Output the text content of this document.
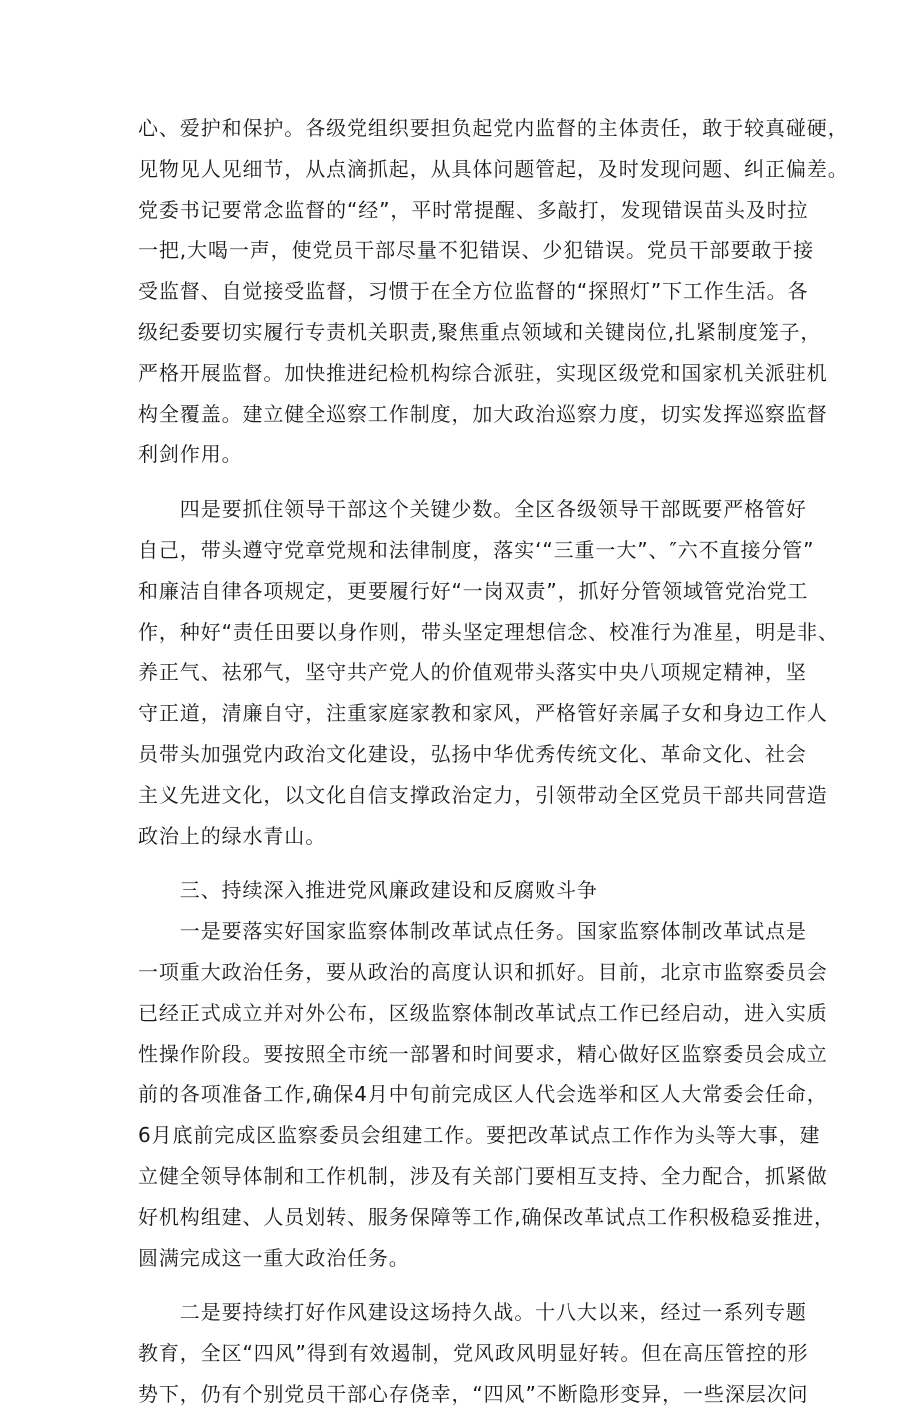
心、爱护和保护。各级党组织要担负起党内监督的主体责任，敢于较真碰硬，
见物见人见细节，从点滴抓起，从具体问题管起，及时发现问题、纠正偏差。
党委书记要常念监督的“经”，平时常提醒、多敲打，发现错误苗头及时拉
一把,大喝一声，使党员干部尽量不犯错误、少犯错误。党员干部要敢于接
受监督、自觉接受监督，习惯于在全方位监督的“探照灯”下工作生活。各
级纪委要切实履行专责机关职责,聚焦重点领域和关键岗位,扎紧制度笼子，
严格开展监督。加快推进纪检机构综合派驻，实现区级党和国家机关派驻机
构全覆盖。建立健全巡察工作制度，加大政治巡察力度，切实发挥巡察监督
利剑作用。
　　四是要抓住领导干部这个关键少数。全区各级领导干部既要严格管好
自己，带头遵守党章党规和法律制度，落实‘“三重一大”、″六不直接分管”
和廉洁自律各项规定，更要履行好“一岗双责”，抓好分管领域管党治党工
作，种好“责任田要以身作则，带头坚定理想信念、校准行为准星，明是非、
养正气、祛邪气，坚守共产党人的价值观带头落实中央八项规定精神，坚
守正道，清廉自守，注重家庭家教和家风，严格管好亲属子女和身边工作人
员带头加强党内政治文化建设，弘扬中华优秀传统文化、革命文化、社会
主义先进文化，以文化自信支撑政治定力，引领带动全区党员干部共同营造
政治上的绿水青山。
　　三、持续深入推进党风廉政建设和反腐败斗争
　　一是要落实好国家监察体制改革试点任务。国家监察体制改革试点是
一项重大政治任务，要从政治的高度认识和抓好。目前，北京市监察委员会
已经正式成立并对外公布，区级监察体制改革试点工作已经启动，进入实质
性操作阶段。要按照全市统一部署和时间要求，精心做好区监察委员会成立
前的各项准备工作,确保4月中旬前完成区人代会选举和区人大常委会任命，
6月底前完成区监察委员会组建工作。要把改革试点工作作为头等大事，建
立健全领导体制和工作机制，涉及有关部门要相互支持、全力配合，抓紧做
好机构组建、人员划转、服务保障等工作,确保改革试点工作积极稳妥推进，
圆满完成这一重大政治任务。
　　二是要持续打好作风建设这场持久战。十八大以来，经过一系列专题
教育，全区“四风”得到有效遏制，党风政风明显好转。但在高压管控的形
势下，仍有个别党员干部心存侥幸，“四风”不断隐形变异，一些深层次问
